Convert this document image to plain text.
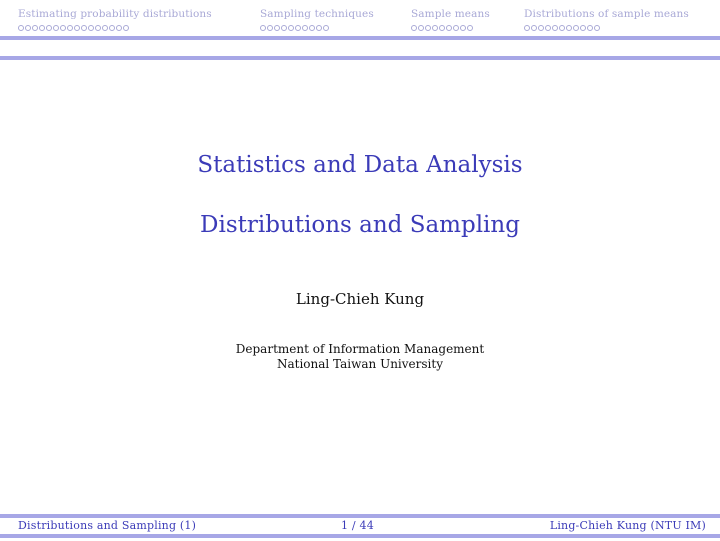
Estimating probability distributions	Sampling techniques	Sample means	Distributions of sample means

Statistics and Data Analysis

Distributions and Sampling

Ling-Chieh Kung
Department of Information Management
National Taiwan University
Distributions and Sampling (1)	1 / 44	Ling-Chieh Kung (NTU IM)
